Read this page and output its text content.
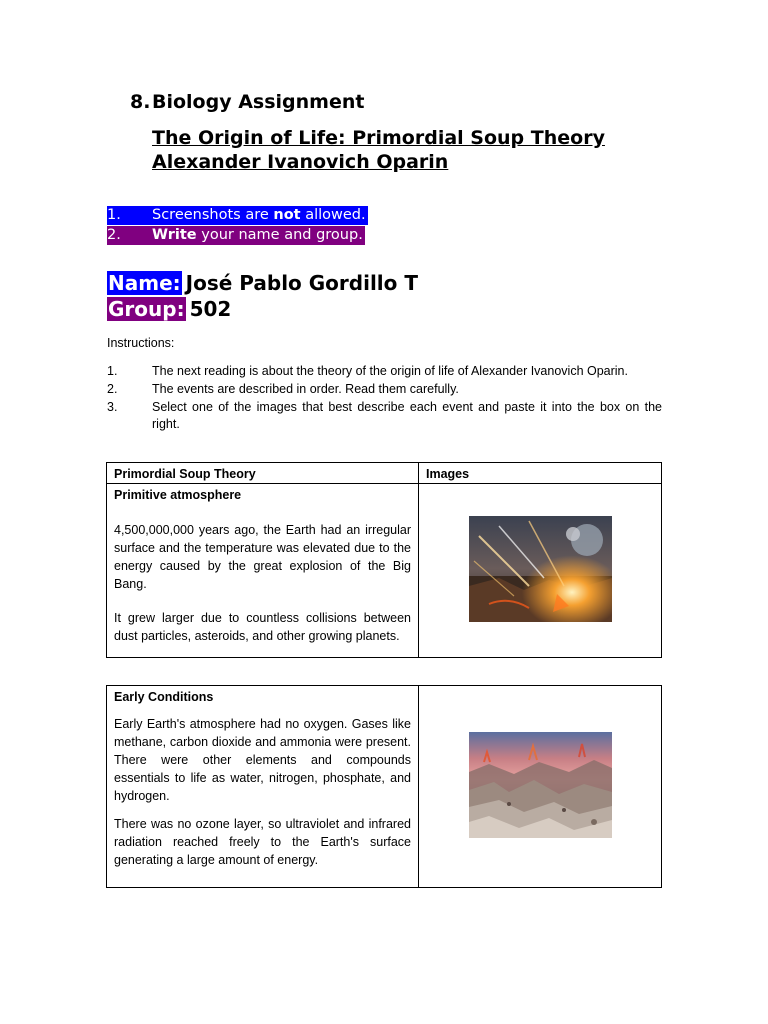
8.Biology Assignment
The Origin of Life: Primordial Soup Theory
Alexander Ivanovich Oparin
1. Screenshots are not allowed.
2. Write your name and group.
Name: José Pablo Gordillo T
Group: 502
Instructions:
1.	The next reading is about the theory of the origin of life of Alexander Ivanovich Oparin.
2.	The events are described in order. Read them carefully.
3.	Select one of the images that best describe each event and paste it into the box on the right.
Primordial Soup Theory	Images

Primitive atmosphere

4,500,000,000 years ago, the Earth had an irregular surface and the temperature was elevated due to the energy caused by the great explosion of the Big Bang.

It grew larger due to countless collisions between dust particles, asteroids, and other growing planets.

Early Conditions

Early Earth's atmosphere had no oxygen. Gases like methane, carbon dioxide and ammonia were present. There were other elements and compounds essentials to life as water, nitrogen, phosphate, and hydrogen.

There was no ozone layer, so ultraviolet and infrared radiation reached freely to the Earth's surface generating a large amount of energy.
